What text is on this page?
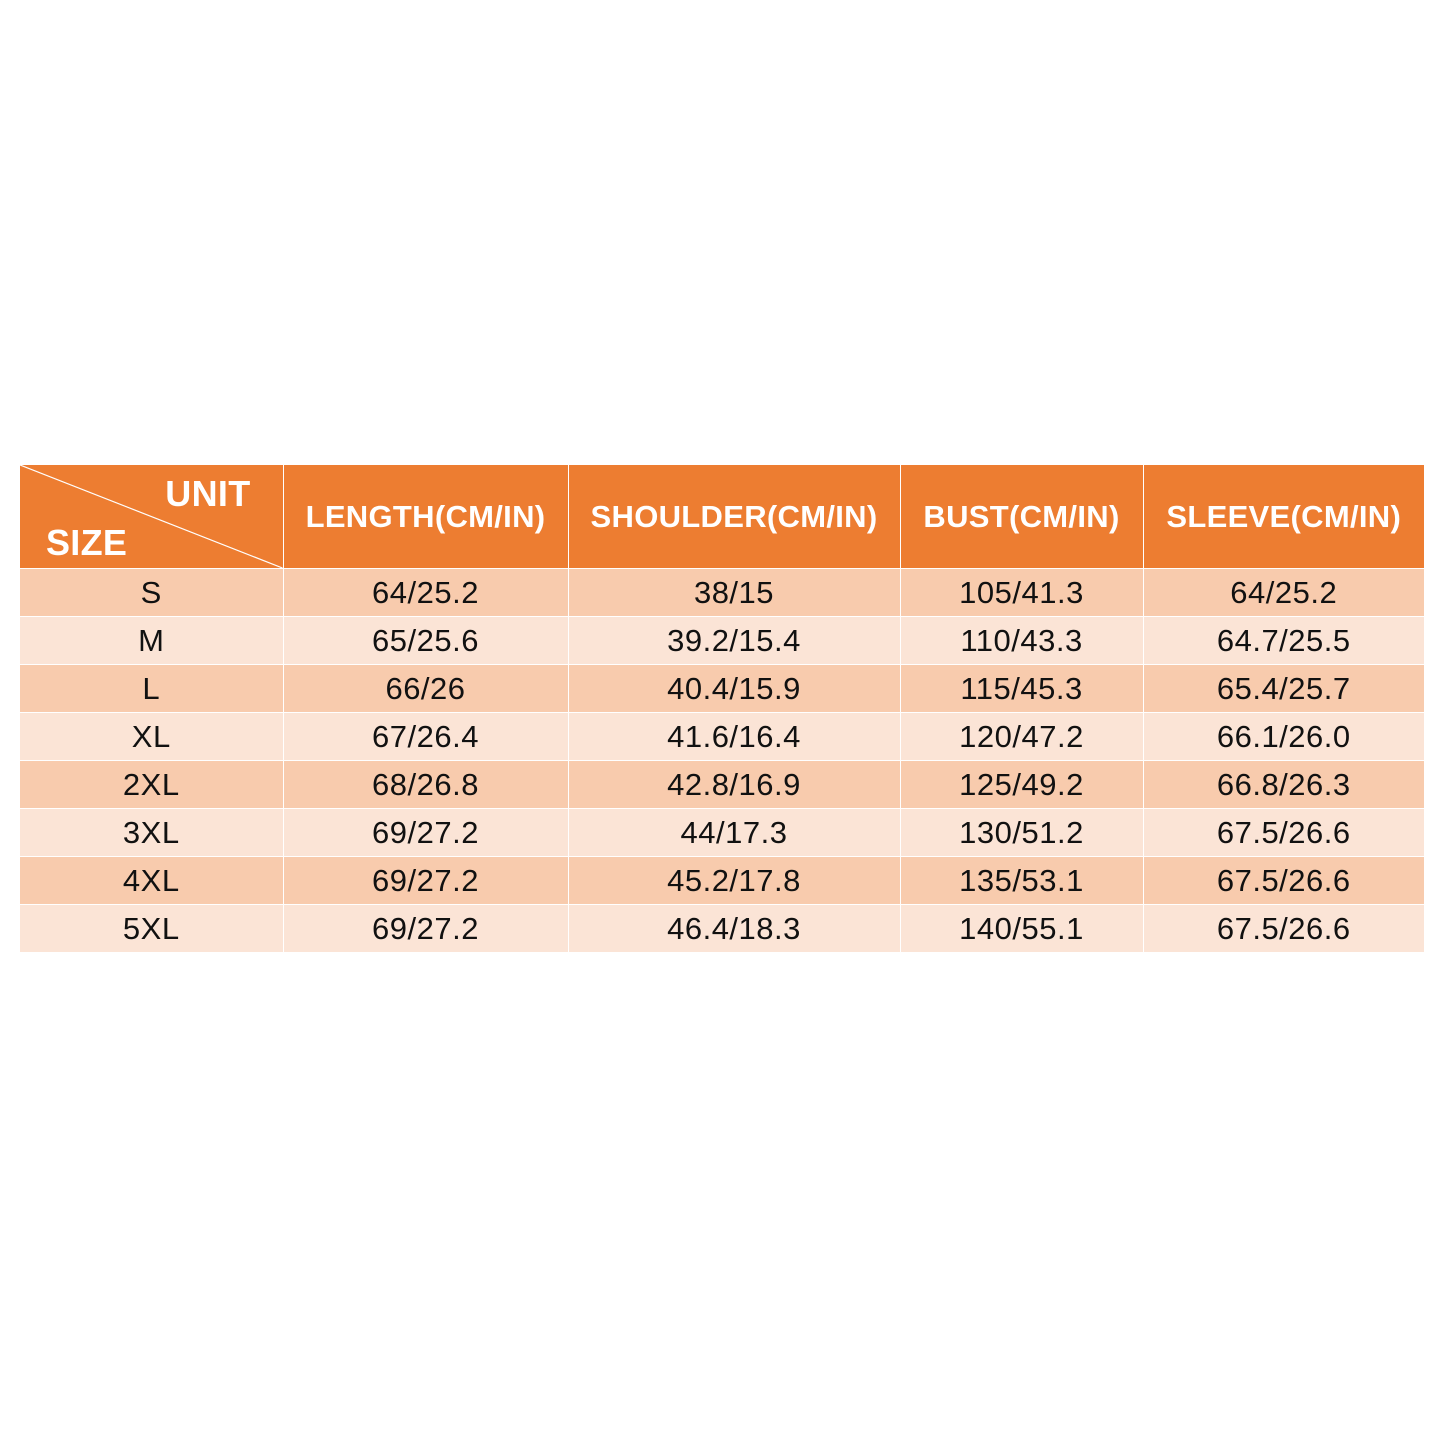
UNIT
SIZE	LENGTH(CM/IN)	SHOULDER(CM/IN)	BUST(CM/IN)	SLEEVE(CM/IN)
S	64/25.2	38/15	105/41.3	64/25.2
M	65/25.6	39.2/15.4	110/43.3	64.7/25.5
L	66/26	40.4/15.9	115/45.3	65.4/25.7
XL	67/26.4	41.6/16.4	120/47.2	66.1/26.0
2XL	68/26.8	42.8/16.9	125/49.2	66.8/26.3
3XL	69/27.2	44/17.3	130/51.2	67.5/26.6
4XL	69/27.2	45.2/17.8	135/53.1	67.5/26.6
5XL	69/27.2	46.4/18.3	140/55.1	67.5/26.6
